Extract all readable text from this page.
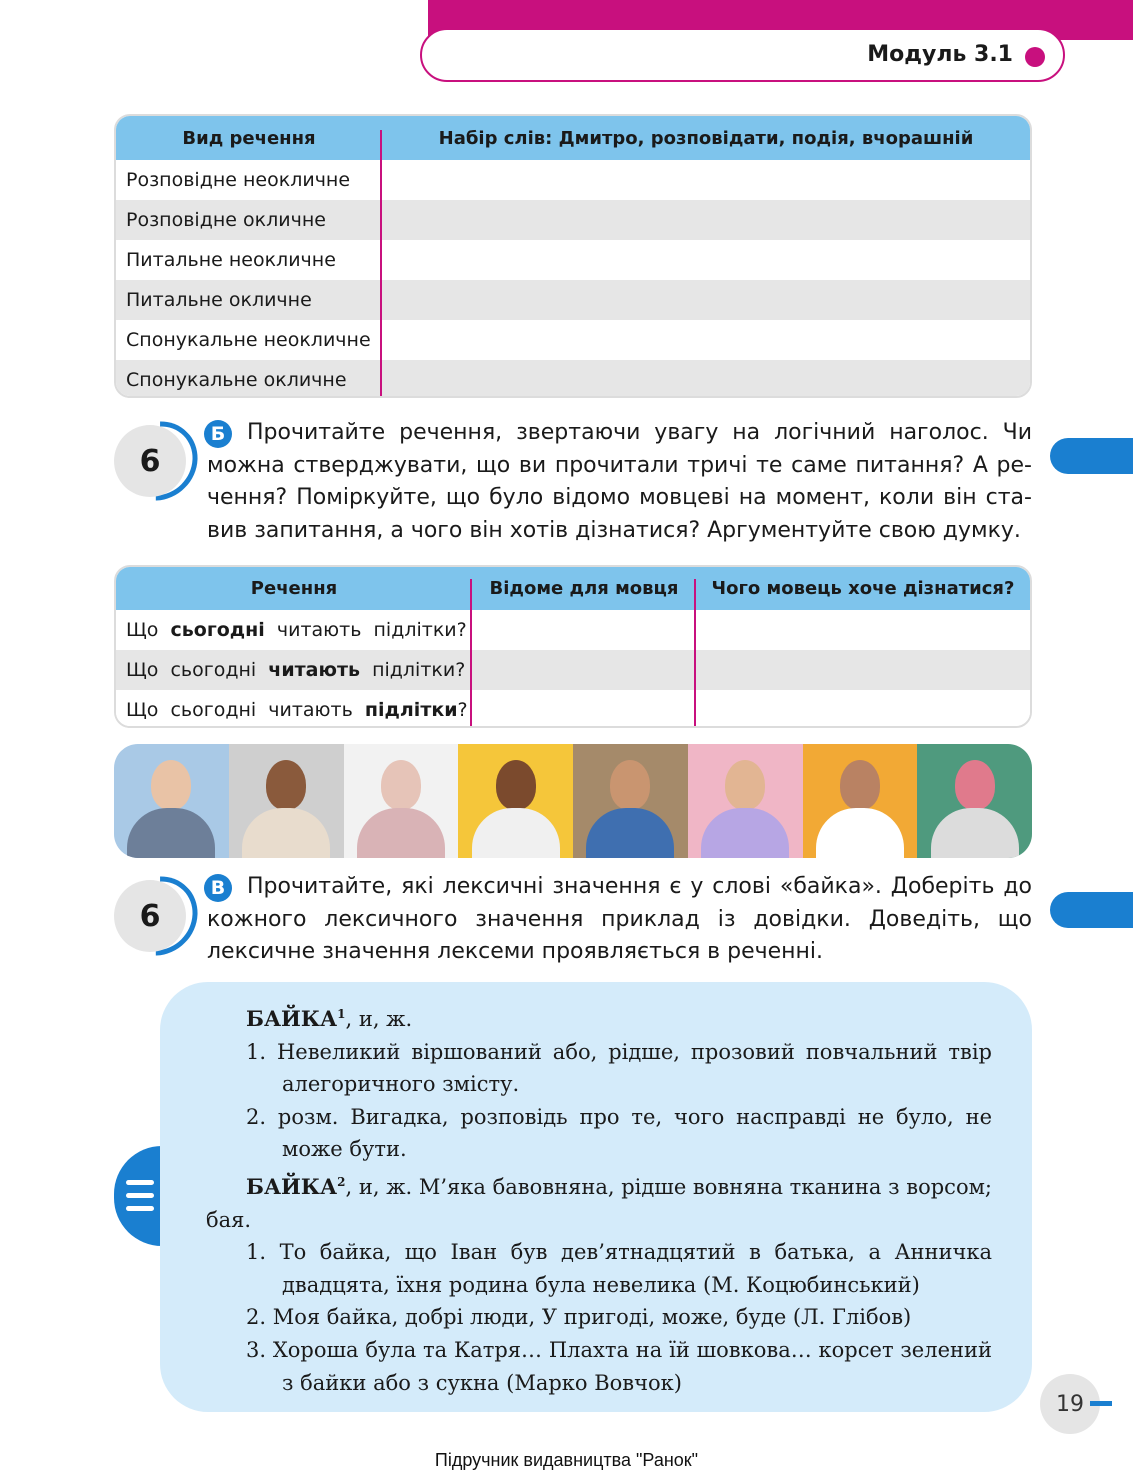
Модуль 3.1
Вид речення	Набір слів: Дмитро, розповідати, подія, вчорашній
Розповідне неокличне
Розповідне окличне
Питальне неокличне
Питальне окличне
Спонукальне неокличне
Спонукальне окличне
6
Б Прочитайте речення, звертаючи увагу на логічний наголос. Чи можна стверджувати, що ви прочитали тричі те саме питання? А речення? Поміркуйте, що було відомо мовцеві на момент, коли він ставив запитання, а чого він хотів дізнатися? Аргументуйте свою думку.
Речення	Відоме для мовця	Чого мовець хоче дізнатися?
Що сьогодні читають  підлітки?
Що  сьогодні читають підлітки?
Що  сьогодні  читають підлітки ?
6
В Прочитайте, які лексичні значення є у слові «байка». Доберіть до кожного лексичного значення приклад із довідки. Доведіть, що лексичне значення лексеми проявляється в реченні.

БАЙКА$^1$, и, ж.

1. Невеликий віршований або, рідше, прозовий повчальний твір алегоричного змісту.

2. розм. Вигадка, розповідь про те, чого насправді не було, не може бути.

БАЙКА$^2$, и, ж. М’яка бавовняна, рідше вовняна тканина з ворсом; бая.

1. То байка, що Іван був дев’ятнадцятий в батька, а Анничка двадцята, їхня родина була невелика (М. Коцюбинський)

2. Моя байка, добрі люди, У пригоді, може, буде (Л. Глібов)

3. Хороша була та Катря… Плахта на їй шовкова… корсет зелений з байки або з сукна (Марко Вовчок)

19
Підручник видавництва "Ранок"
